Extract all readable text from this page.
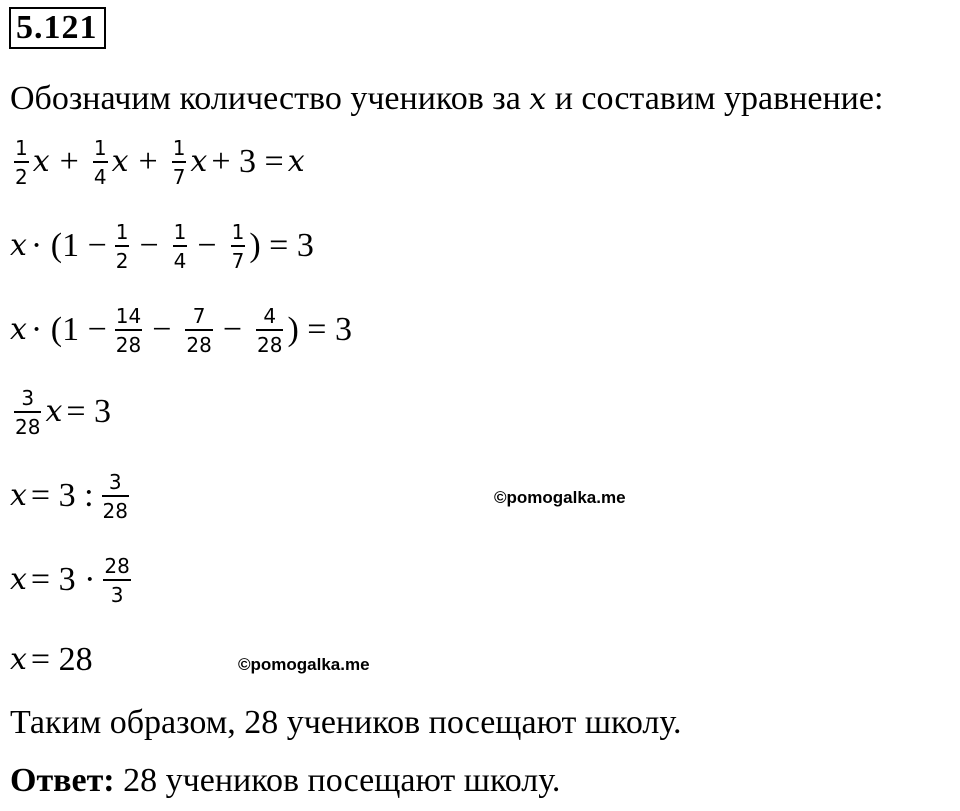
5.121
Обозначим количество учеников за x и составим уравнение:
$\frac{1}{2}$ $x + \frac{1}{4}$ $x + \frac{1}{7}$ x + 3 = x
$x \cdot (1 - \frac{1}{2} - \frac{1}{4} - \frac{1}{7}$ ) = 3
$x \cdot (1 - \frac{14}{28} - \frac{7}{28} - \frac{4}{28}$ ) = 3
$\frac{3}{28}$ x = 3
x = 3 : $\frac{3}{28}$	©pomogalka.me
$x = 3 \cdot \frac{28}{3}$
x = 28	©pomogalka.me
Таким образом, 28 учеников посещают школу.
Ответ: 28 учеников посещают школу.
